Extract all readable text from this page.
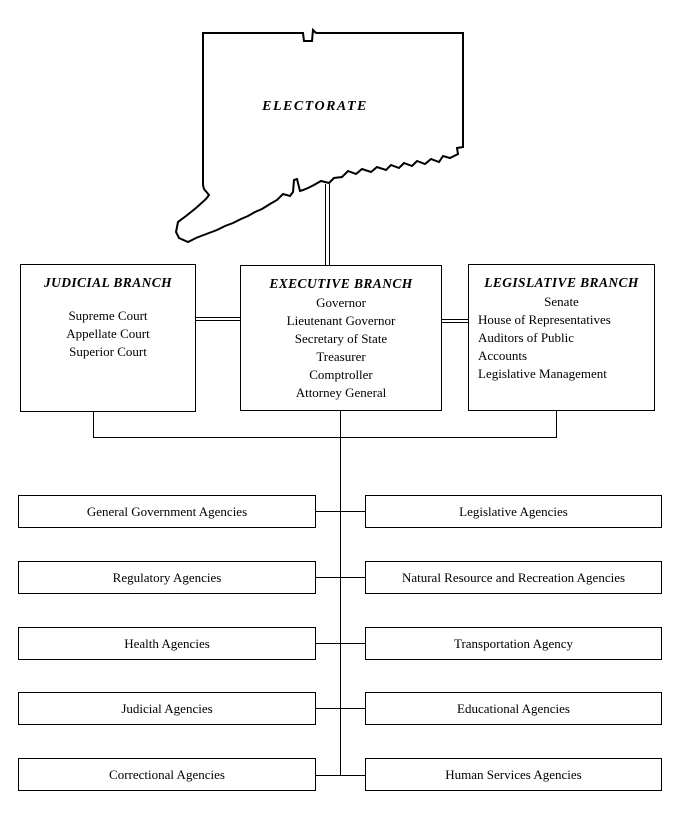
ELECTORATE
JUDICIAL BRANCH
Supreme Court
Appellate Court
Superior Court
EXECUTIVE BRANCH
Governor
Lieutenant Governor
Secretary of State
Treasurer
Comptroller
Attorney General
LEGISLATIVE BRANCH
Senate
House of Representatives
Auditors of Public
Accounts
Legislative Management
General Government Agencies
Regulatory Agencies
Health Agencies
Judicial Agencies
Correctional Agencies
Legislative Agencies
Natural Resource and Recreation Agencies
Transportation Agency
Educational Agencies
Human Services Agencies
